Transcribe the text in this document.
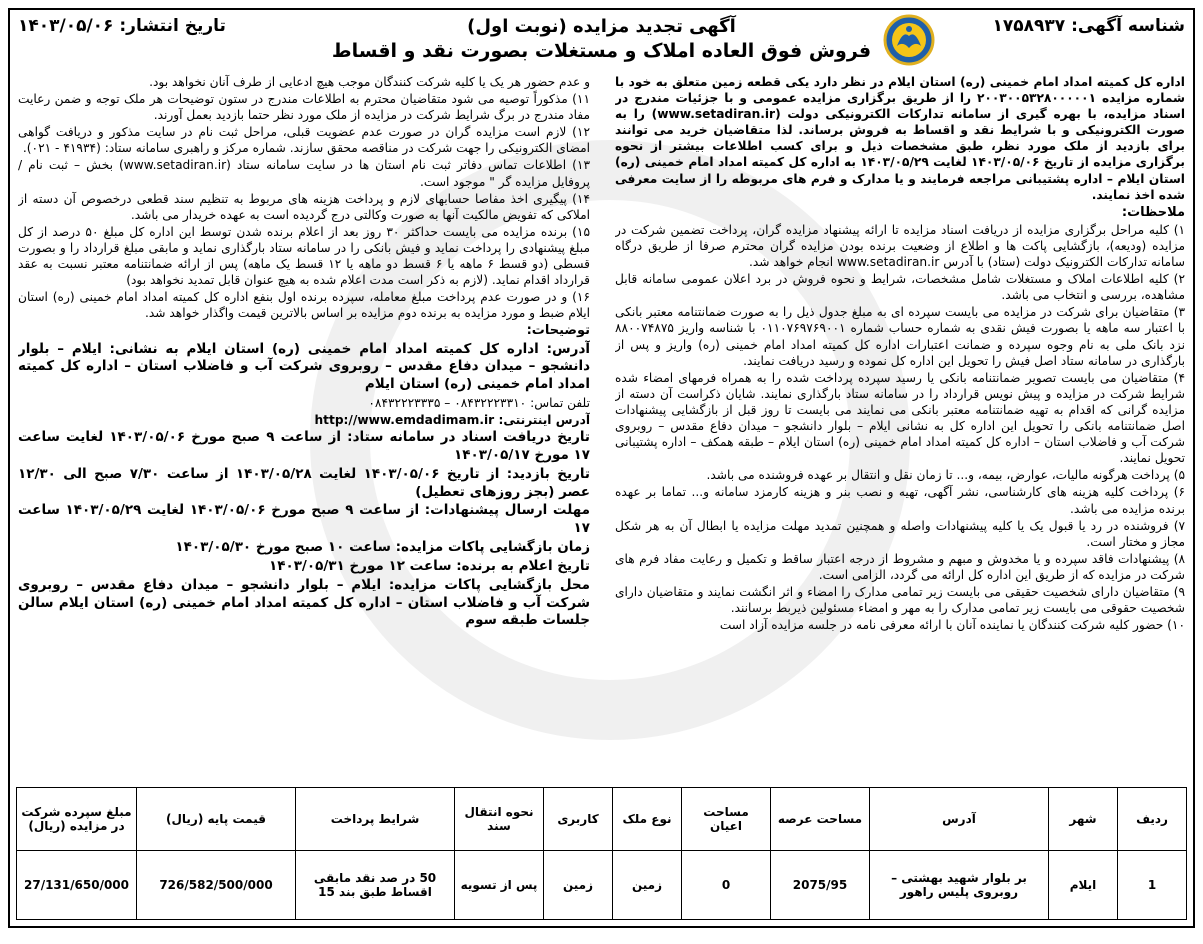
شناسه آگهی: ۱۷۵۸۹۳۷
آگهی تجدید مزایده (نوبت اول)
فروش فوق العاده املاک و مستغلات بصورت نقد و اقساط
تاریخ انتشار: ۱۴۰۳/۰۵/۰۶

اداره کل کمیته امداد امام خمینی (ره) استان ایلام در نظر دارد یکی قطعه زمین متعلق به خود با شماره مزایده ۲۰۰۳۰۰۵۳۲۸۰۰۰۰۰۱ را از طریق برگزاری مزایده عمومی و با جزئیات مندرج در اسناد مزایده، با بهره گیری از سامانه تدارکات الکترونیکی دولت (www.setadiran.ir) را به صورت الکترونیکی و با شرایط نقد و اقساط به فروش برساند. لذا متقاضیان خرید می توانند برای بازدید از ملک مورد نظر، طبق مشخصات ذیل و برای کسب اطلاعات بیشتر از نحوه برگزاری مزایده از تاریخ ۱۴۰۳/۰۵/۰۶ لغایت ۱۴۰۳/۰۵/۲۹ به اداره کل کمیته امداد امام خمینی (ره) استان ایلام – اداره پشتیبانی مراجعه فرمایند و یا مدارک و فرم های مربوطه را از سایت معرفی شده اخذ نمایند.

ملاحظات:

۱) کلیه مراحل برگزاری مزایده از دریافت اسناد مزایده تا ارائه پیشنهاد مزایده گران، پرداخت تضمین شرکت در مزایده (ودیعه)، بازگشایی پاکت ها و اطلاع از وضعیت برنده بودن مزایده گران محترم صرفا از طریق درگاه سامانه تدارکات الکترونیک دولت (ستاد) با آدرس www.setadiran.ir انجام خواهد شد.

۲) کلیه اطلاعات املاک و مستغلات شامل مشخصات، شرایط و نحوه فروش در برد اعلان عمومی سامانه قابل مشاهده، بررسی و انتخاب می باشد.

۳) متقاضیان برای شرکت در مزایده می بایست سپرده ای به مبلغ جدول ذیل را به صورت ضمانتنامه معتبر بانکی با اعتبار سه ماهه یا بصورت فیش نقدی به شماره حساب شماره ۰۱۱۰۷۶۹۷۶۹۰۰۱ با شناسه واریز ۸۸۰۰۷۴۸۷۵ نزد بانک ملی به نام وجوه سپرده و ضمانت اعتبارات اداره کل کمیته امداد امام خمینی (ره) واریز و پس از بارگذاری در سامانه ستاد اصل فیش را تحویل این اداره کل نموده و رسید دریافت نمایند.

۴) متقاضیان می بایست تصویر ضمانتنامه بانکی یا رسید سپرده پرداخت شده را به همراه فرمهای امضاء شده شرایط شرکت در مزایده و پیش نویس قرارداد را در سامانه ستاد بارگذاری نمایند. شایان ذکراست آن دسته از مزایده گرانی که اقدام به تهیه ضمانتنامه معتبر بانکی می نمایند می بایست تا روز قبل از بازگشایی پیشنهادات اصل ضمانتنامه بانکی را تحویل این اداره کل به نشانی ایلام – بلوار دانشجو – میدان دفاع مقدس – روبروی شرکت آب و فاضلاب استان – اداره کل کمیته امداد امام خمینی (ره) استان ایلام – طبقه همکف – اداره پشتیبانی تحویل نمایند.

۵) پرداخت هرگونه مالیات، عوارض، بیمه، و... تا زمان نقل و انتقال بر عهده فروشنده می باشد.

۶) پرداخت کلیه هزینه های کارشناسی، نشر آگهی، تهیه و نصب بنر و هزینه کارمزد سامانه و... تماما بر عهده برنده مزایده می باشد.

۷) فروشنده در رد یا قبول یک یا کلیه پیشنهادات واصله و همچنین تمدید مهلت مزایده یا ابطال آن به هر شکل مجاز و مختار است.

۸) پیشنهادات فاقد سپرده و یا مخدوش و مبهم و مشروط از درجه اعتبار ساقط و تکمیل و رعایت مفاد فرم های شرکت در مزایده که از طریق این اداره کل ارائه می گردد، الزامی است.

۹) متقاضیان دارای شخصیت حقیقی می بایست زیر تمامی مدارک را امضاء و اثر انگشت نمایند و متقاضیان دارای شخصیت حقوقی می بایست زیر تمامی مدارک را به مهر و امضاء مسئولین ذیربط برسانند.

۱۰) حضور کلیه شرکت کنندگان یا نماینده آنان با ارائه معرفی نامه در جلسه مزایده آزاد است

و عدم حضور هر یک یا کلیه شرکت کنندگان موجب هیچ ادعایی از طرف آنان نخواهد بود.

۱۱) مذکوراً توصیه می شود متقاضیان محترم به اطلاعات مندرج در ستون توضیحات هر ملک توجه و ضمن رعایت مفاد مندرج در برگ شرایط شرکت در مزایده از ملک مورد نظر حتما بازدید بعمل آورند.

۱۲) لازم است مزایده گران در صورت عدم عضویت قبلی، مراحل ثبت نام در سایت مذکور و دریافت گواهی امضای الکترونیکی را جهت شرکت در مناقصه محقق سازند. شماره مرکز و راهبری سامانه ستاد: (۴۱۹۳۴ - ۰۲۱).

۱۳) اطلاعات تماس دفاتر ثبت نام استان ها در سایت سامانه ستاد (www.setadiran.ir) بخش – ثبت نام / پروفایل مزایده گر " موجود است.

۱۴) پیگیری اخذ مفاصا حسابهای لازم و پرداخت هزینه های مربوط به تنظیم سند قطعی درخصوص آن دسته از املاکی که تفویض مالکیت آنها به صورت وکالتی درج گردیده است به عهده خریدار می باشد.

۱۵) برنده مزایده می بایست حداکثر ۳۰ روز بعد از اعلام برنده شدن توسط این اداره کل مبلغ ۵۰ درصد از کل مبلغ پیشنهادی را پرداخت نماید و فیش بانکی را در سامانه ستاد بارگذاری نماید و مابقی مبلغ قرارداد را و بصورت قسطی (دو قسط ۶ ماهه یا ۶ قسط دو ماهه یا ۱۲ قسط یک ماهه) پس از ارائه ضمانتنامه معتبر نسبت به عقد قرارداد اقدام نماید. (لازم به ذکر است مدت اعلام شده به هیچ عنوان قابل تمدید نخواهد بود)

۱۶) و در صورت عدم پرداخت مبلغ معامله، سپرده برنده اول بنفع اداره کل کمیته امداد امام خمینی (ره) استان ایلام ضبط و مورد مزایده به برنده دوم مزایده بر اساس بالاترین قیمت واگذار خواهد شد.

توضیحات:

آدرس: اداره کل کمیته امداد امام خمینی (ره) استان ایلام به نشانی: ایلام – بلوار دانشجو – میدان دفاع مقدس – روبروی شرکت آب و فاضلاب استان – اداره کل کمیته امداد امام خمینی (ره) استان ایلام

تلفن تماس: ۰۸۴۳۲۲۲۳۳۱۰ – ۰۸۴۳۲۲۲۳۳۳۵

آدرس اینترنتی: http://www.emdadimam.ir

تاریخ دریافت اسناد در سامانه ستاد: از ساعت ۹ صبح مورخ ۱۴۰۳/۰۵/۰۶ لغایت ساعت ۱۷ مورخ ۱۴۰۳/۰۵/۱۷

تاریخ بازدید: از تاریخ ۱۴۰۳/۰۵/۰۶ لغایت ۱۴۰۳/۰۵/۲۸ از ساعت ۷/۳۰ صبح الی ۱۲/۳۰ عصر (بجز روزهای تعطیل)

مهلت ارسال پیشنهادات: از ساعت ۹ صبح مورخ ۱۴۰۳/۰۵/۰۶ لغایت ۱۴۰۳/۰۵/۲۹ ساعت ۱۷

زمان بازگشایی پاکات مزایده: ساعت ۱۰ صبح مورخ ۱۴۰۳/۰۵/۳۰

تاریخ اعلام به برنده: ساعت ۱۲ مورخ ۱۴۰۳/۰۵/۳۱

محل بازگشایی پاکات مزایده: ایلام – بلوار دانشجو – میدان دفاع مقدس – روبروی شرکت آب و فاضلاب استان – اداره کل کمیته امداد امام خمینی (ره) استان ایلام سالن جلسات طبقه سوم

ردیف	شهر	آدرس	مساحت عرصه	مساحت اعیان	نوع ملک	کاربری	نحوه انتقال سند	شرایط پرداخت	قیمت پایه (ریال)	مبلغ سپرده شرکت در مزایده (ریال)
1	ایلام	بر بلوار شهید بهشتی – روبروی پلیس راهور	2075/95	0	زمین	زمین	پس از تسویه	50 در صد نقد مابقی اقساط طبق بند 15	726/582/500/000	27/131/650/000
